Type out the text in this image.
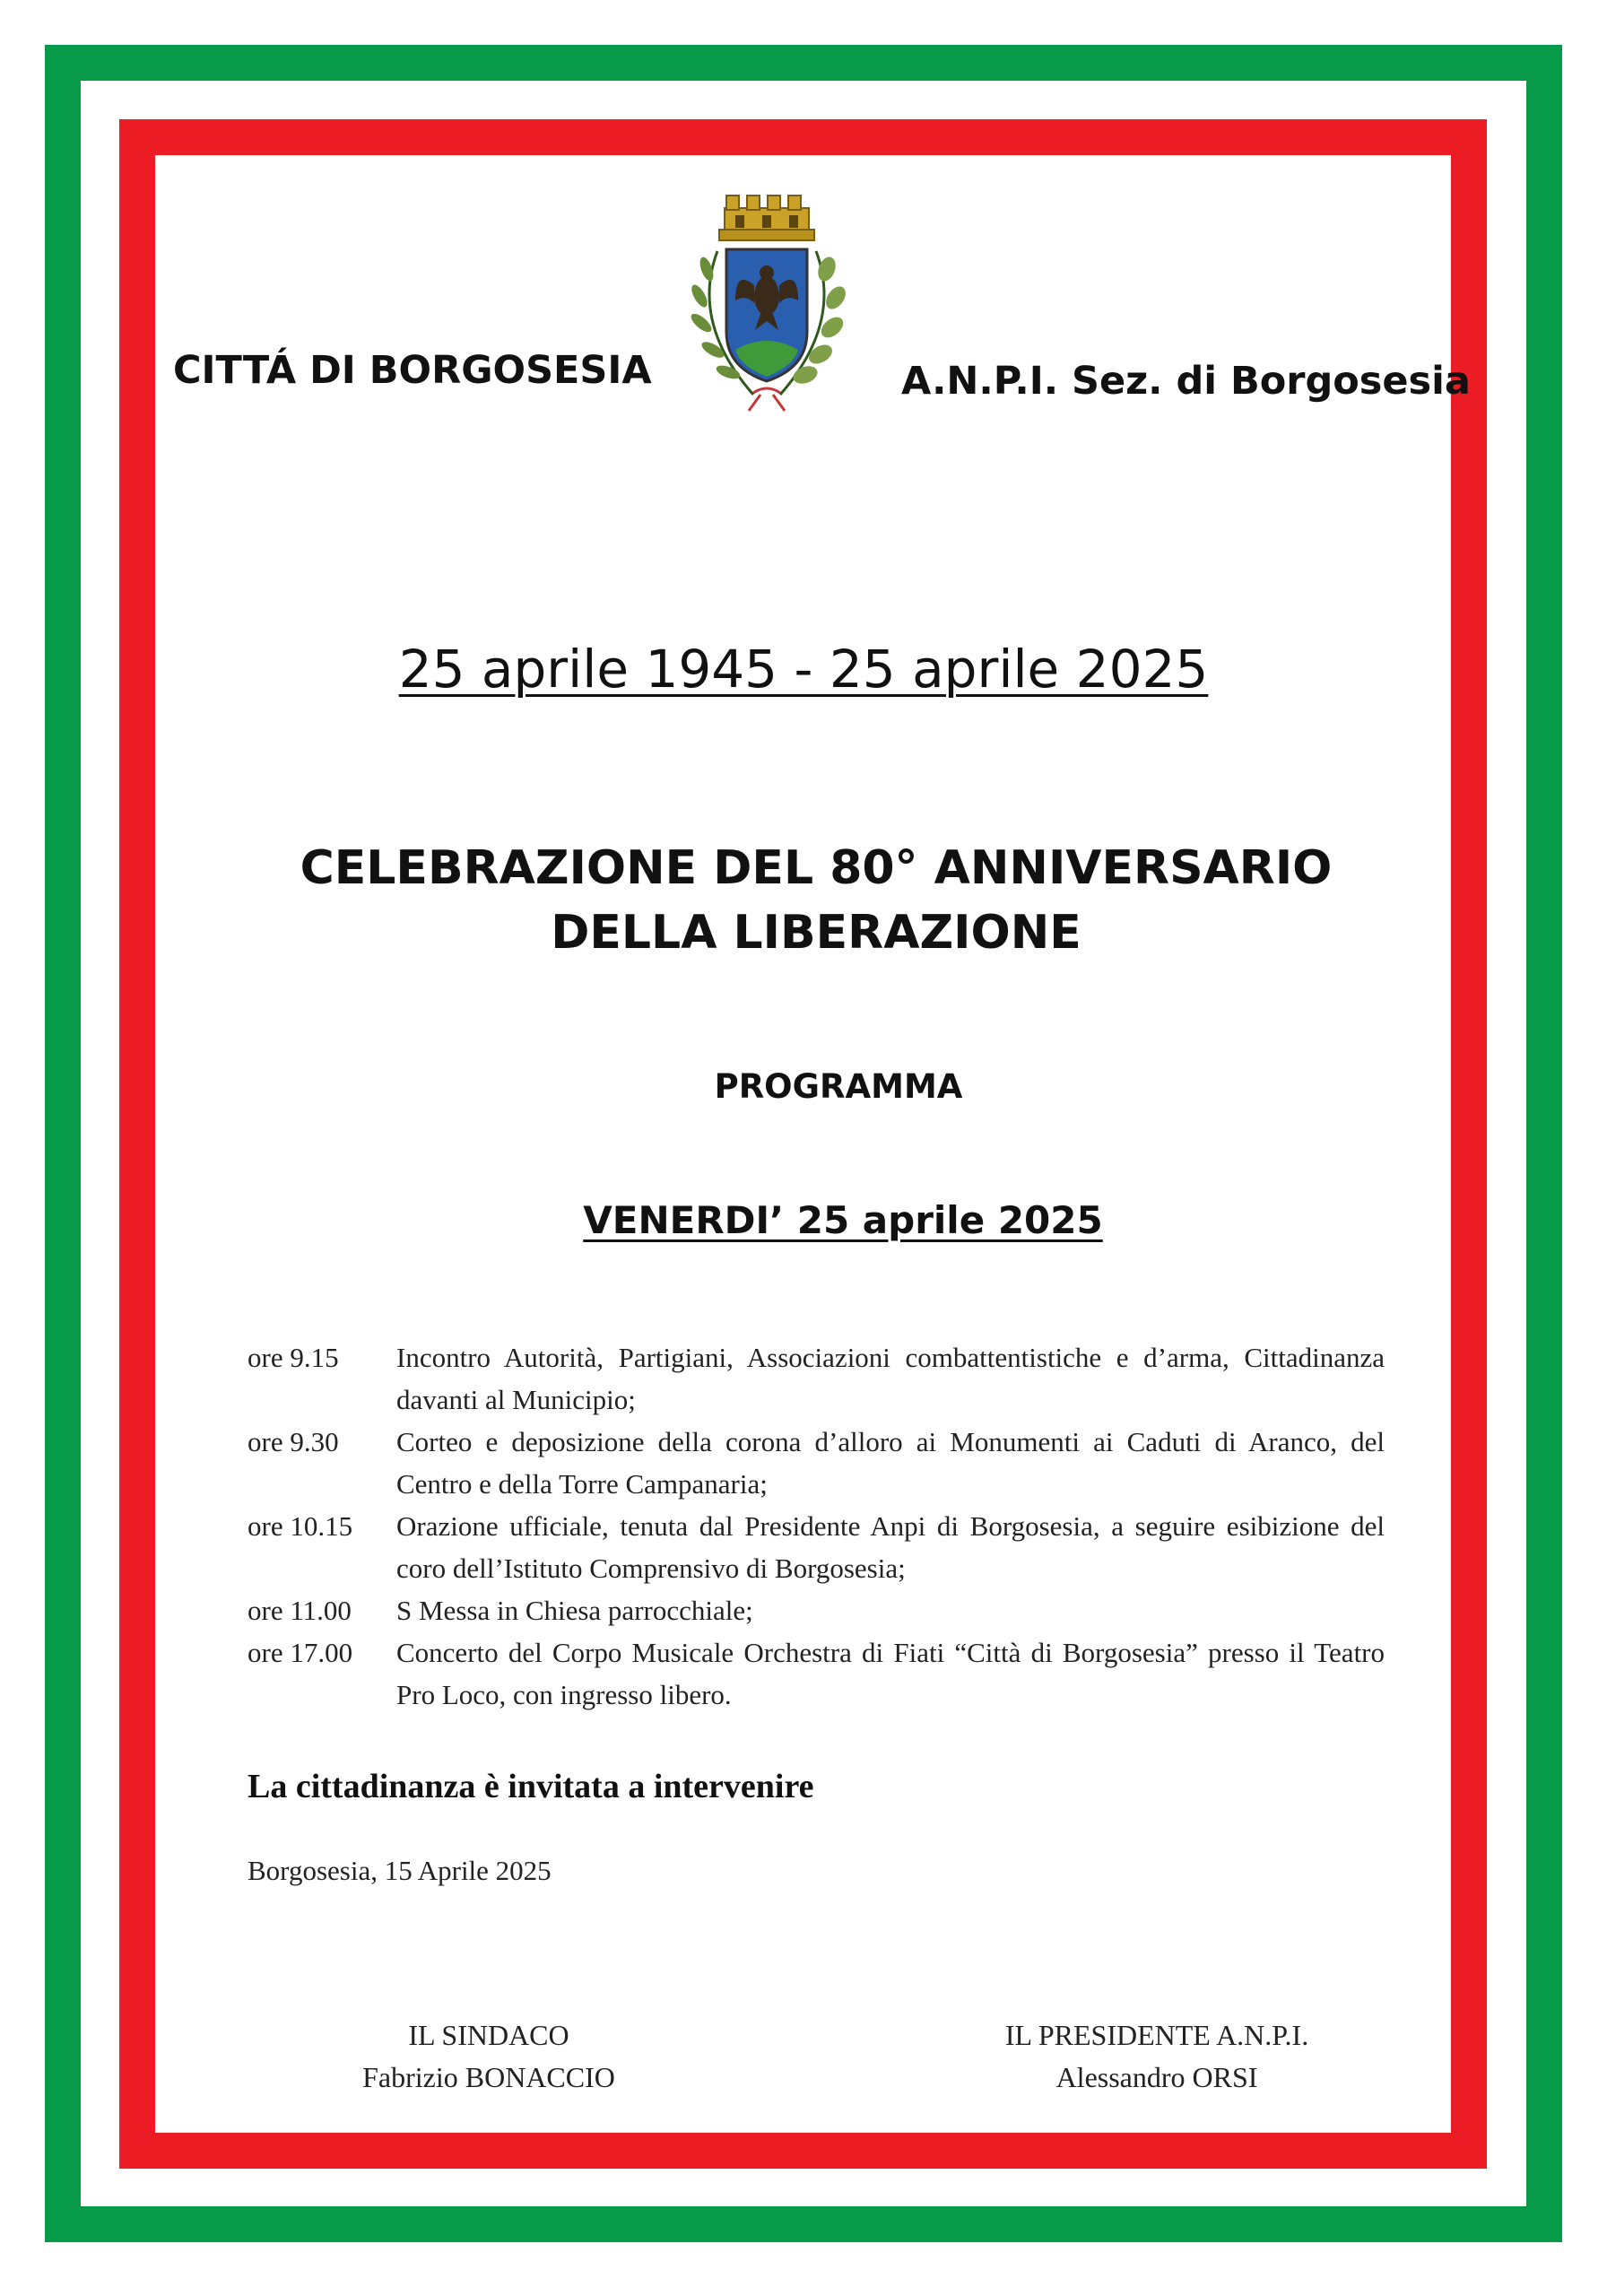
CITTÁ DI BORGOSESIA	A.N.P.I. Sez. di Borgosesia
25 aprile 1945 - 25 aprile 2025
CELEBRAZIONE DEL 80° ANNIVERSARIO
DELLA LIBERAZIONE
PROGRAMMA
VENERDI’ 25 aprile 2025
ore 9.15	Incontro Autorità, Partigiani, Associazioni combattentistiche e d’arma, Cittadinanza davanti al Municipio;
ore 9.30	Corteo e deposizione della corona d’alloro ai Monumenti ai Caduti di Aranco, del Centro e della Torre Campanaria;
ore 10.15	Orazione ufficiale, tenuta dal Presidente Anpi di Borgosesia, a seguire esibizione del coro dell’Istituto Comprensivo di Borgosesia;
ore 11.00	S Messa in Chiesa parrocchiale;
ore 17.00	Concerto del Corpo Musicale Orchestra di Fiati “Città di Borgosesia” presso il Teatro Pro Loco, con ingresso libero.
La cittadinanza è invitata a intervenire
Borgosesia, 15 Aprile 2025
IL SINDACO
Fabrizio BONACCIO
IL PRESIDENTE A.N.P.I.
Alessandro ORSI
